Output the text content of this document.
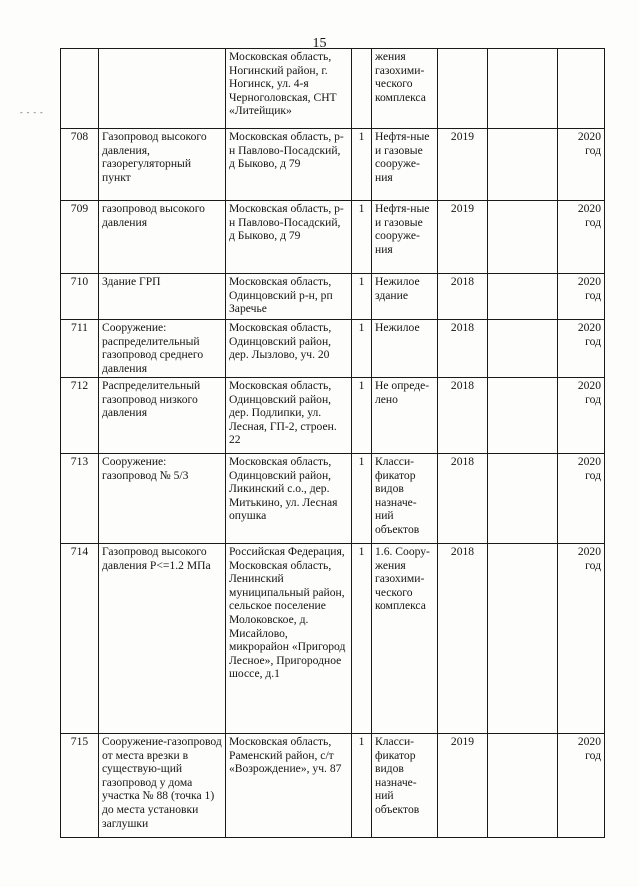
15
- - - -
		Московская область, Ногинский район, г. Ногинск, ул. 4-я Черноголовская, СНТ «Литейщик»		жения газохими-ческого комплекса			
708	Газопровод высокого давления, газорегуляторный пункт	Московская область, р-н Павлово-Посадский, д Быково, д 79	1	Нефтя-ные и газовые сооруже-ния	2019		2020 год
709	газопровод высокого давления	Московская область, р-н Павлово-Посадский, д Быково, д 79	1	Нефтя-ные и газовые сооруже-ния	2019		2020 год
710	Здание ГРП	Московская область, Одинцовский р-н, рп Заречье	1	Нежилое здание	2018		2020 год
711	Сооружение: распределительный газопровод среднего давления	Московская область, Одинцовский район, дер. Лызлово, уч. 20	1	Нежилое	2018		2020 год
712	Распределительный газопровод низкого давления	Московская область, Одинцовский район, дер. Подлипки, ул. Лесная, ГП-2, строен. 22	1	Не опреде-лено	2018		2020 год
713	Сооружение: газопровод № 5/3	Московская область, Одинцовский район, Ликинский с.о., дер. Митькино, ул. Лесная опушка	1	Класси-фикатор видов назначе-ний объектов	2018		2020 год
714	Газопровод высокого давления P<=1.2 МПа	Российская Федерация, Московская область, Ленинский муниципальный район, сельское поселение Молоковское, д. Мисайлово, микрорайон «Пригород Лесное», Пригородное шоссе, д.1	1	1.6. Соору-жения газохими-ческого комплекса	2018		2020 год
715	Сооружение-газопровод от места врезки в существую-щий газопровод у дома участка № 88 (точка 1) до места установки заглушки	Московская область, Раменский район, с/т «Возрождение», уч. 87	1	Класси-фикатор видов назначе-ний объектов	2019		2020 год
